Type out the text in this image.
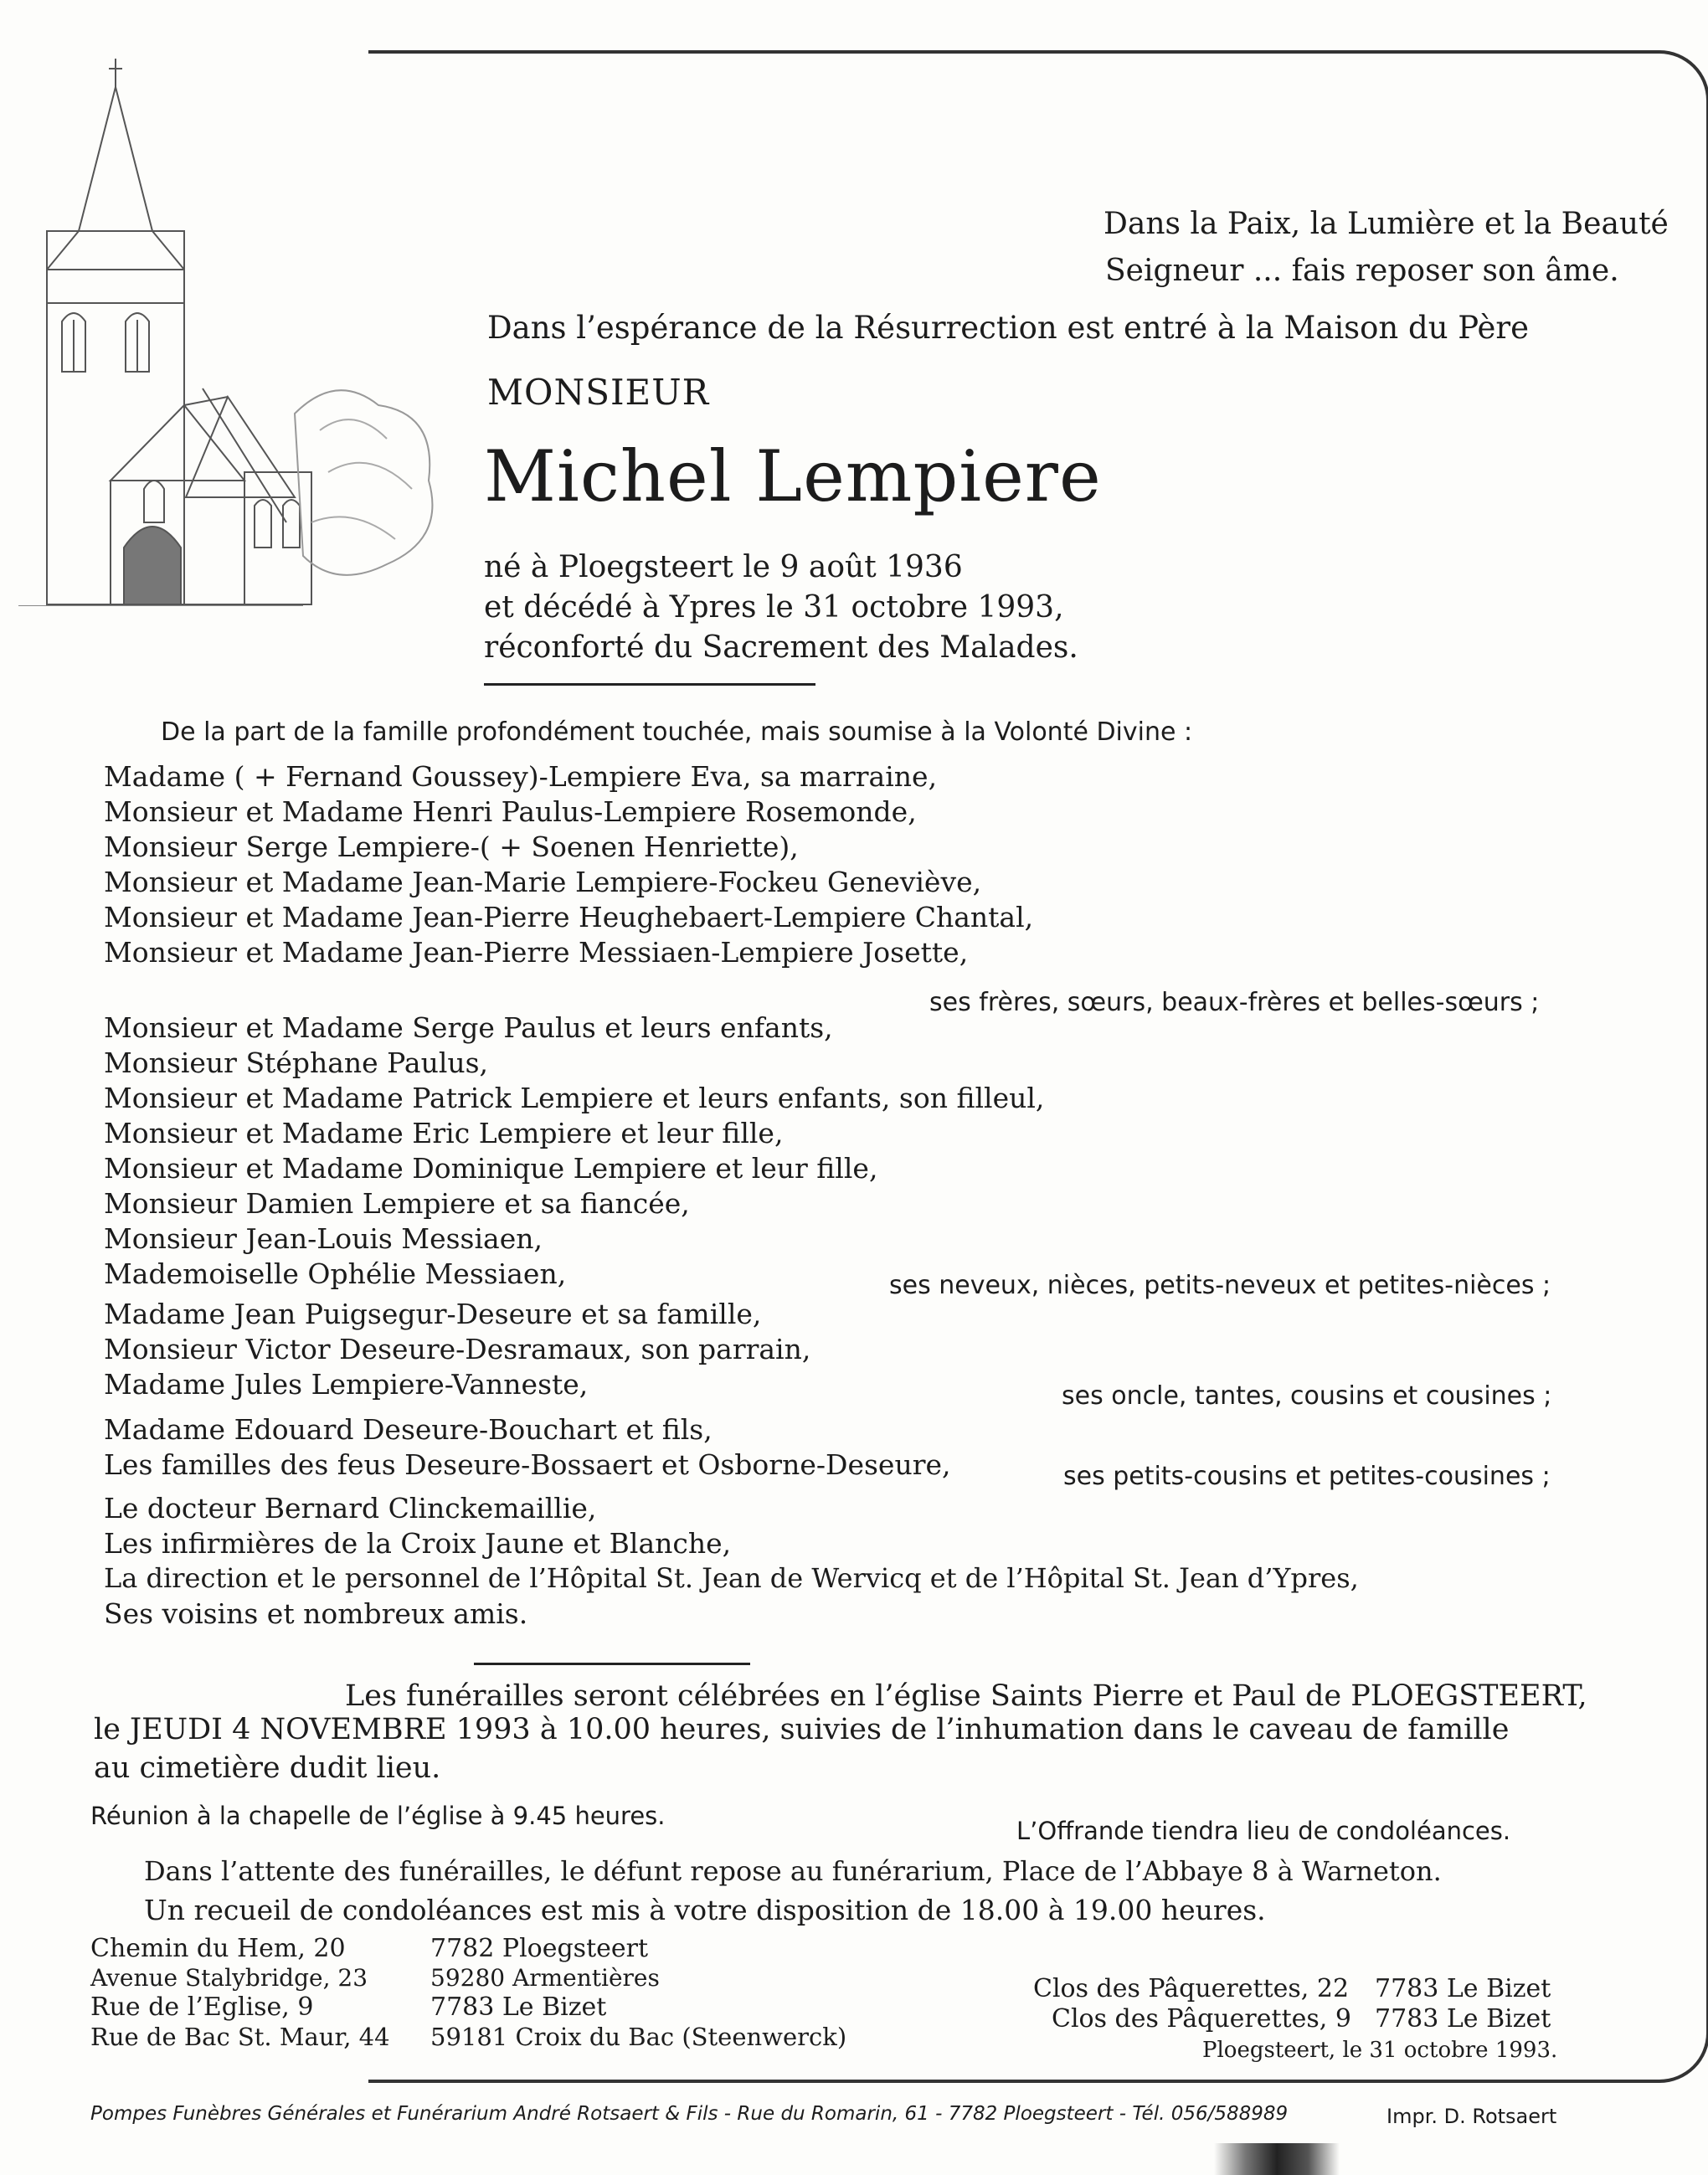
Dans la Paix, la Lumière et la Beauté
Seigneur ... fais reposer son âme.
Dans l’espérance de la Résurrection est entré à la Maison du Père
MONSIEUR
Michel Lempiere
né à Ploegsteert le 9 août 1936
et décédé à Ypres le 31 octobre 1993,
réconforté du Sacrement des Malades.
De la part de la famille profondément touchée, mais soumise à la Volonté Divine :
Madame ( + Fernand Goussey)-Lempiere Eva, sa marraine,
Monsieur et Madame Henri Paulus-Lempiere Rosemonde,
Monsieur Serge Lempiere-( + Soenen Henriette),
Monsieur et Madame Jean-Marie Lempiere-Fockeu Geneviève,
Monsieur et Madame Jean-Pierre Heughebaert-Lempiere Chantal,
Monsieur et Madame Jean-Pierre Messiaen-Lempiere Josette,
ses frères, sœurs, beaux-frères et belles-sœurs ;
Monsieur et Madame Serge Paulus et leurs enfants,
Monsieur Stéphane Paulus,
Monsieur et Madame Patrick Lempiere et leurs enfants, son filleul,
Monsieur et Madame Eric Lempiere et leur fille,
Monsieur et Madame Dominique Lempiere et leur fille,
Monsieur Damien Lempiere et sa fiancée,
Monsieur Jean-Louis Messiaen,
Mademoiselle Ophélie Messiaen,	ses neveux, nièces, petits-neveux et petites-nièces ;
Madame Jean Puigsegur-Deseure et sa famille,
Monsieur Victor Deseure-Desramaux, son parrain,
Madame Jules Lempiere-Vanneste,	ses oncle, tantes, cousins et cousines ;
Madame Edouard Deseure-Bouchart et fils,
Les familles des feus Deseure-Bossaert et Osborne-Deseure,	ses petits-cousins et petites-cousines ;
Le docteur Bernard Clinckemaillie,
Les infirmières de la Croix Jaune et Blanche,
La direction et le personnel de l’Hôpital St. Jean de Wervicq et de l’Hôpital St. Jean d’Ypres,
Ses voisins et nombreux amis.
Les funérailles seront célébrées en l’église Saints Pierre et Paul de PLOEGSTEERT,
le JEUDI 4 NOVEMBRE 1993 à 10.00 heures, suivies de l’inhumation dans le caveau de famille
au cimetière dudit lieu.
Réunion à la chapelle de l’église à 9.45 heures.
L’Offrande tiendra lieu de condoléances.
Dans l’attente des funérailles, le défunt repose au funérarium, Place de l’Abbaye 8 à Warneton.
Un recueil de condoléances est mis à votre disposition de 18.00 à 19.00 heures.
Chemin du Hem, 20	7782 Ploegsteert
Avenue Stalybridge, 23	59280 Armentières
Rue de l’Eglise, 9	7783 Le Bizet
Rue de Bac St. Maur, 44 59181 Croix du Bac (Steenwerck)
Clos des Pâquerettes, 22 7783 Le Bizet
Clos des Pâquerettes, 9 7783 Le Bizet
Ploegsteert, le 31 octobre 1993.
Pompes Funèbres Générales et Funérarium André Rotsaert & Fils - Rue du Romarin, 61 - 7782 Ploegsteert - Tél. 056/588989	Impr. D. Rotsaert
